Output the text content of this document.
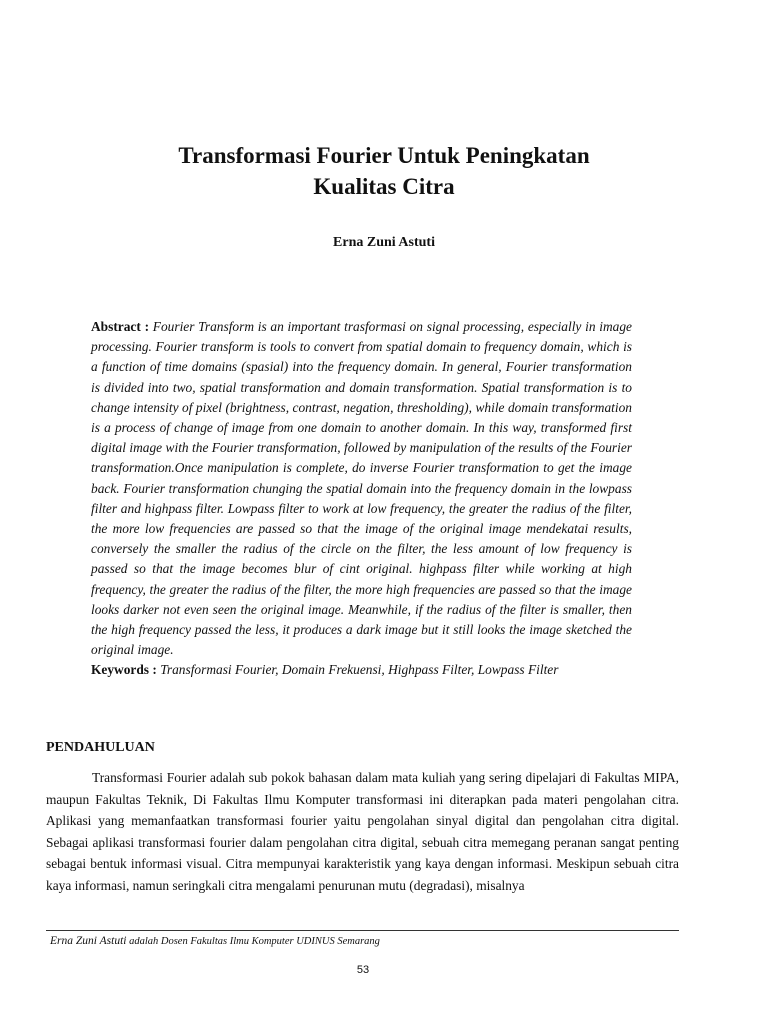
Transformasi Fourier Untuk Peningkatan
Kualitas Citra
Erna Zuni Astuti

Abstract : Fourier Transform is an important trasformasi on signal processing, especially in image processing. Fourier transform is tools to convert from spatial domain to frequency domain, which is a function of time domains (spasial) into the frequency domain. In general, Fourier transformation is divided into two, spatial transformation and domain transformation. Spatial transformation is to change intensity of pixel (brightness, contrast, negation, thresholding), while domain transformation is a process of change of image from one domain to another domain. In this way, transformed first digital image with the Fourier transformation, followed by manipulation of the results of the Fourier transformation.Once manipulation is complete, do inverse Fourier transformation to get the image back. Fourier transformation chunging the spatial domain into the frequency domain in the lowpass filter and highpass filter. Lowpass filter to work at low frequency, the greater the radius of the filter, the more low frequencies are passed so that the image of the original image mendekatai results, conversely the smaller the radius of the circle on the filter, the less amount of low frequency is passed so that the image becomes blur of cint original. highpass filter while working at high frequency, the greater the radius of the filter, the more high frequencies are passed so that the image looks darker not even seen the original image. Meanwhile, if the radius of the filter is smaller, then the high frequency passed the less, it produces a dark image but it still looks the image sketched the original image.

Keywords : Transformasi Fourier, Domain Frekuensi, Highpass Filter, Lowpass Filter

PENDAHULUAN

Transformasi Fourier adalah sub pokok bahasan dalam mata kuliah yang sering dipelajari di Fakultas MIPA, maupun Fakultas Teknik, Di Fakultas Ilmu Komputer transformasi ini diterapkan pada materi pengolahan citra. Aplikasi yang memanfaatkan transformasi fourier yaitu pengolahan sinyal digital dan pengolahan citra digital. Sebagai aplikasi transformasi fourier dalam pengolahan citra digital, sebuah citra memegang peranan sangat penting sebagai bentuk informasi visual. Citra mempunyai karakteristik yang kaya dengan informasi. Meskipun sebuah citra kaya informasi, namun seringkali citra mengalami penurunan mutu (degradasi), misalnya

Erna Zuni Astuti adalah Dosen Fakultas Ilmu Komputer UDINUS Semarang
53
